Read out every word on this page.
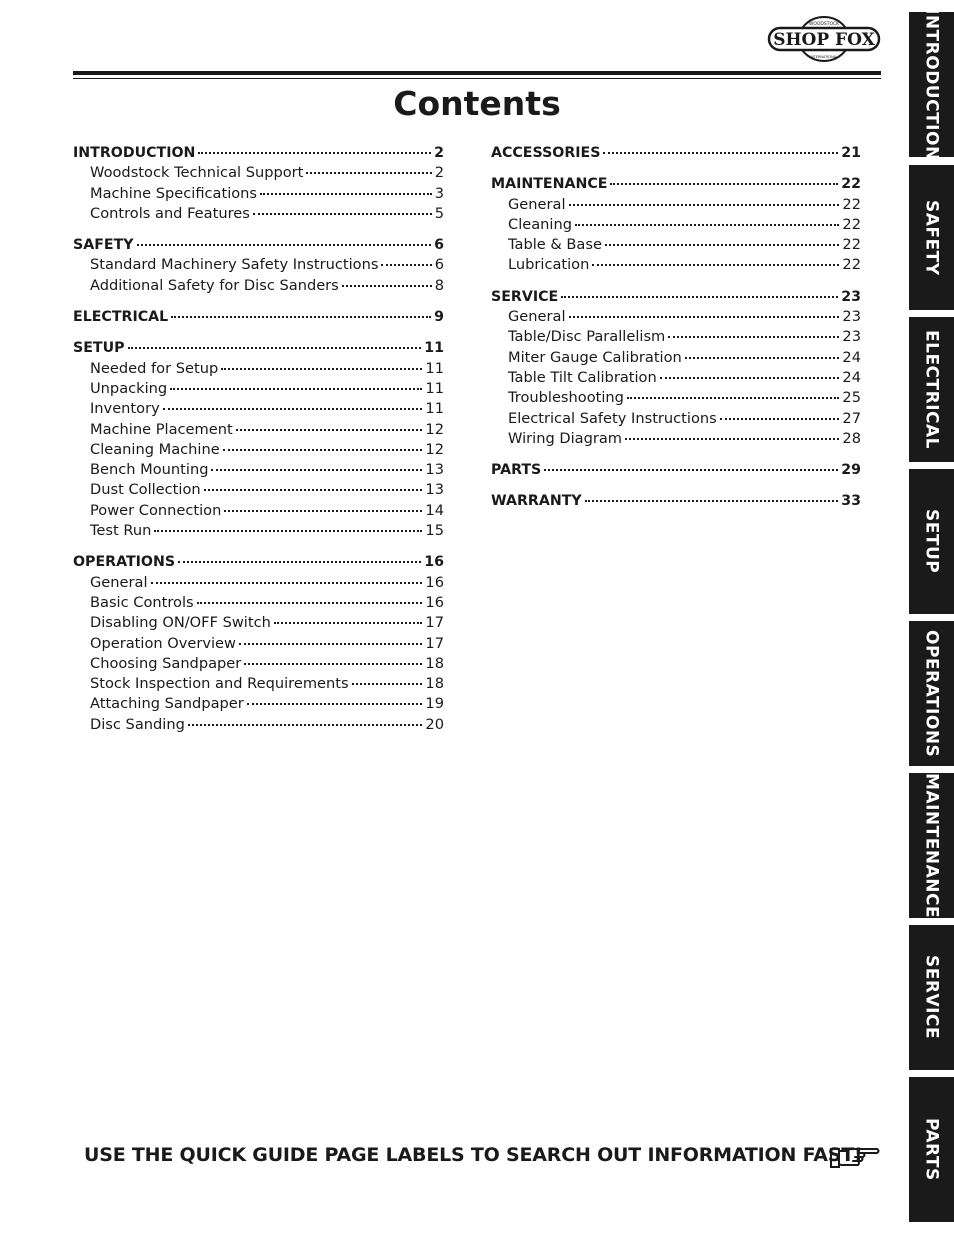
SHOP FOX
WOODSTOCK
INTERNATIONAL
Contents
INTRODUCTION	2
Woodstock Technical Support	2
Machine Specifications	3
Controls and Features	5
SAFETY	6
Standard Machinery Safety Instructions	6
Additional Safety for Disc Sanders	8
ELECTRICAL	9
SETUP	11
Needed for Setup	11
Unpacking	11
Inventory	11
Machine Placement	12
Cleaning Machine	12
Bench Mounting	13
Dust Collection	13
Power Connection	14
Test Run	15
OPERATIONS	16
General	16
Basic Controls	16
Disabling ON/OFF Switch	17
Operation Overview	17
Choosing Sandpaper	18
Stock Inspection and Requirements	18
Attaching Sandpaper	19
Disc Sanding	20
ACCESSORIES	21
MAINTENANCE	22
General	22
Cleaning	22
Table & Base	22
Lubrication	22
SERVICE	23
General	23
Table/Disc Parallelism	23
Miter Gauge Calibration	24
Table Tilt Calibration	24
Troubleshooting	25
Electrical Safety Instructions	27
Wiring Diagram	28
PARTS	29
WARRANTY	33
INTRODUCTION
SAFETY
ELECTRICAL
SETUP
OPERATIONS
MAINTENANCE
SERVICE
PARTS
USE THE QUICK GUIDE PAGE LABELS TO SEARCH OUT INFORMATION FAST!
